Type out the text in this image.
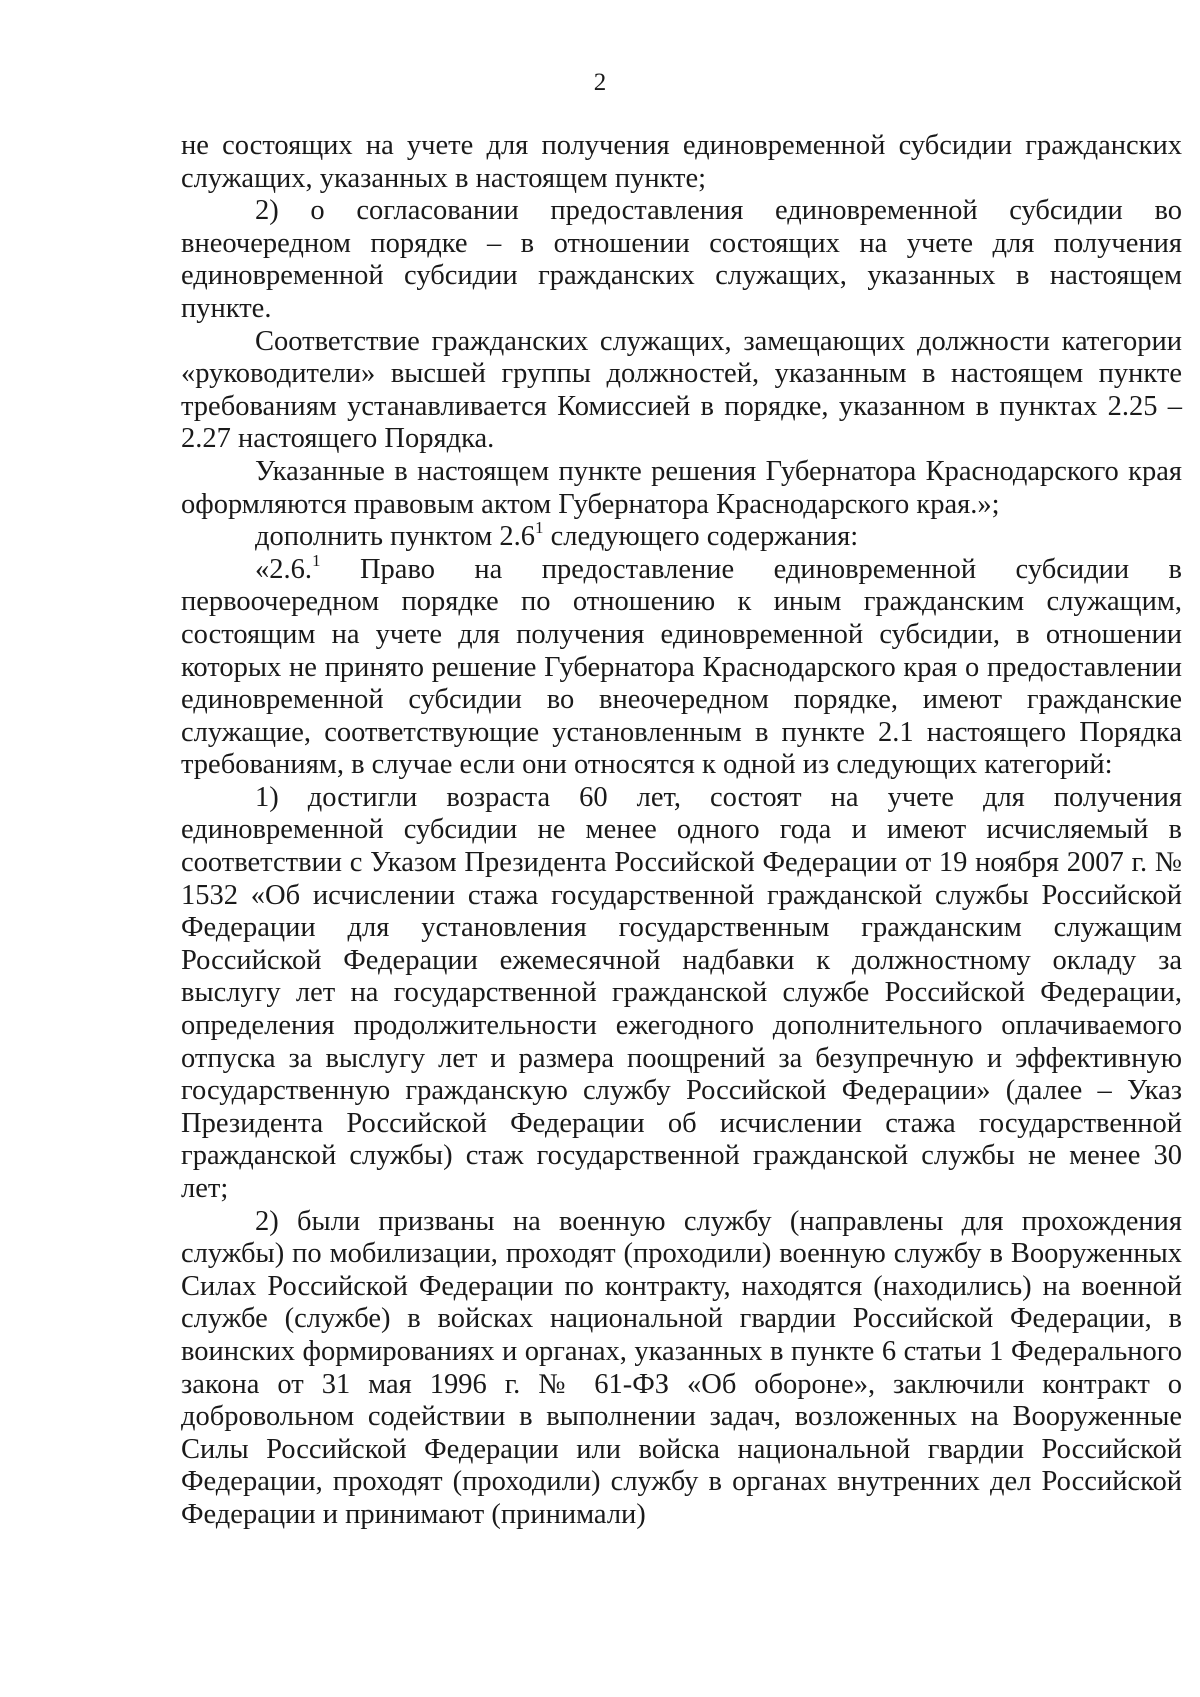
2

не состоящих на учете для получения единовременной субсидии гражданских служащих, указанных в настоящем пункте;

2) о согласовании предоставления единовременной субсидии во внеочередном порядке – в отношении состоящих на учете для получения единовременной субсидии гражданских служащих, указанных в настоящем пункте.

Соответствие гражданских служащих, замещающих должности категории «руководители» высшей группы должностей, указанным в настоящем пункте требованиям устанавливается Комиссией в порядке, указанном в пунктах 2.25 – 2.27 настоящего Порядка.

Указанные в настоящем пункте решения Губернатора Краснодарского края оформляются правовым актом Губернатора Краснодарского края.»;

дополнить пунктом $2.6^1$ следующего содержания:

«2.6.$^1$ Право на предоставление единовременной субсидии в первоочередном порядке по отношению к иным гражданским служащим, состоящим на учете для получения единовременной субсидии, в отношении которых не принято решение Губернатора Краснодарского края о предоставлении единовременной субсидии во внеочередном порядке, имеют гражданские служащие, соответствующие установленным в пункте 2.1 настоящего Порядка требованиям, в случае если они относятся к одной из следующих категорий:

1) достигли возраста 60 лет, состоят на учете для получения единовременной субсидии не менее одного года и имеют исчисляемый в соответствии с Указом Президента Российской Федерации от 19 ноября 2007 г. № 1532 «Об исчислении стажа государственной гражданской службы Российской Федерации для установления государственным гражданским служащим Российской Федерации ежемесячной надбавки к должностному окладу за выслугу лет на государственной гражданской службе Российской Федерации, определения продолжительности ежегодного дополнительного оплачиваемого отпуска за выслугу лет и размера поощрений за безупречную и эффективную государственную гражданскую службу Российской Федерации» (далее – Указ Президента Российской Федерации об исчислении стажа государственной гражданской службы) стаж государственной гражданской службы не менее 30 лет;

2) были призваны на военную службу (направлены для прохождения службы) по мобилизации, проходят (проходили) военную службу в Вооруженных Силах Российской Федерации по контракту, находятся (находились) на военной службе (службе) в войсках национальной гвардии Российской Федерации, в воинских формированиях и органах, указанных в пункте 6 статьи 1 Федерального закона от 31 мая 1996 г. № 61-ФЗ «Об обороне», заключили контракт о добровольном содействии в выполнении задач, возложенных на Вооруженные Силы Российской Федерации или войска национальной гвардии Российской Федерации, проходят (проходили) службу в органах внутренних дел Российской Федерации и принимают (принимали)
